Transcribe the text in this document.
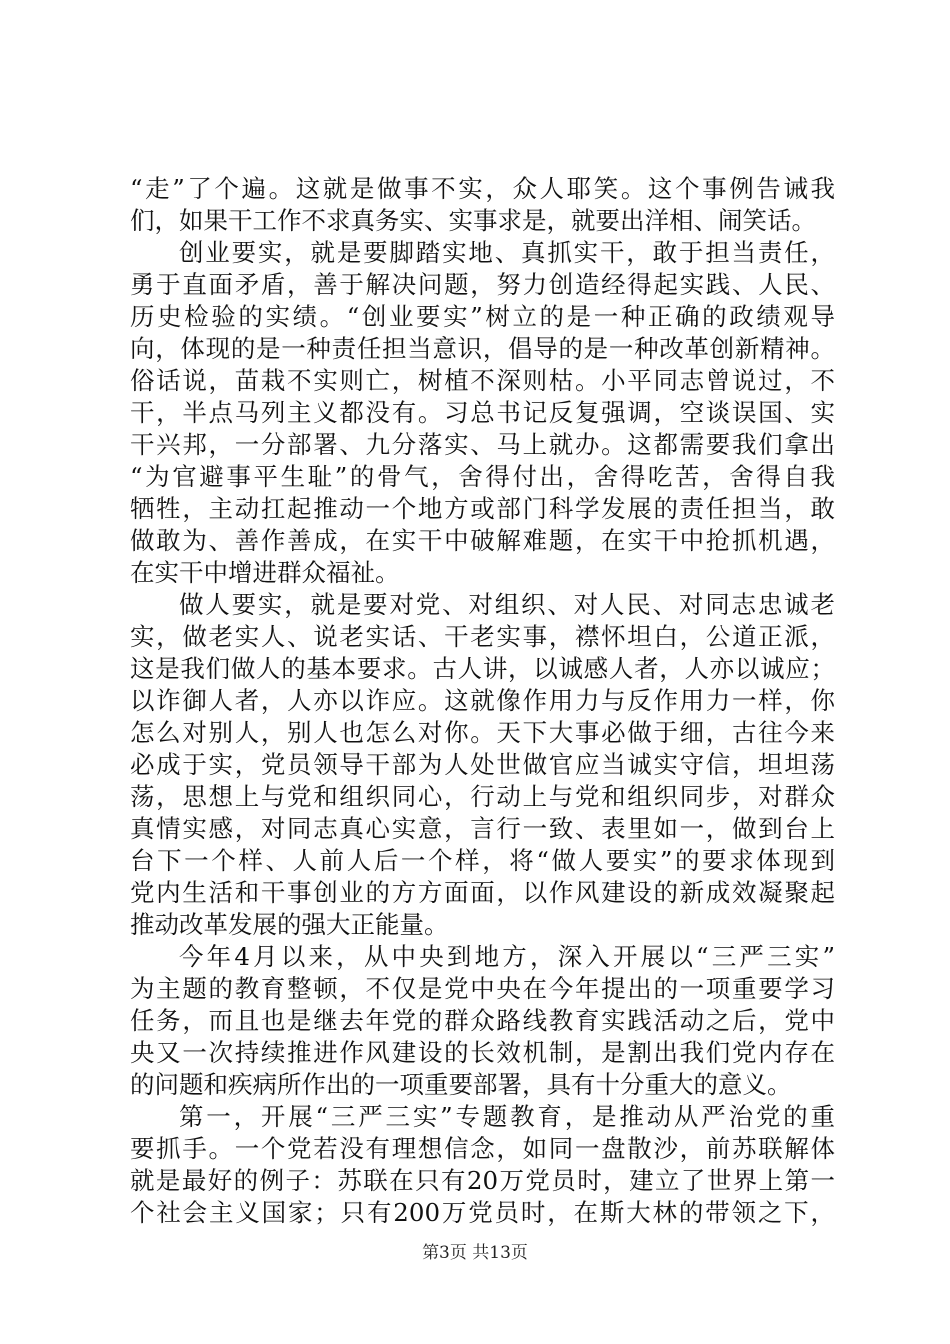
“走”了个遍。这就是做事不实，众人耶笑。这个事例告诫我
们，如果干工作不求真务实、实事求是，就要出洋相、闹笑话。
创业要实，就是要脚踏实地、真抓实干，敢于担当责任，
勇于直面矛盾，善于解决问题，努力创造经得起实践、人民、
历史检验的实绩。“创业要实”树立的是一种正确的政绩观导
向，体现的是一种责任担当意识，倡导的是一种改革创新精神。
俗话说，苗栽不实则亡，树植不深则枯。小平同志曾说过，不
干，半点马列主义都没有。习总书记反复强调，空谈误国、实
干兴邦，一分部署、九分落实、马上就办。这都需要我们拿出
“为官避事平生耻”的骨气，舍得付出，舍得吃苦，舍得自我
牺牲，主动扛起推动一个地方或部门科学发展的责任担当，敢
做敢为、善作善成，在实干中破解难题，在实干中抢抓机遇，
在实干中增进群众福祉。
做人要实，就是要对党、对组织、对人民、对同志忠诚老
实，做老实人、说老实话、干老实事，襟怀坦白，公道正派，
这是我们做人的基本要求。古人讲，以诚感人者，人亦以诚应；
以诈御人者，人亦以诈应。这就像作用力与反作用力一样，你
怎么对别人，别人也怎么对你。天下大事必做于细，古往今来
必成于实，党员领导干部为人处世做官应当诚实守信，坦坦荡
荡，思想上与党和组织同心，行动上与党和组织同步，对群众
真情实感，对同志真心实意，言行一致、表里如一，做到台上
台下一个样、人前人后一个样，将“做人要实”的要求体现到
党内生活和干事创业的方方面面，以作风建设的新成效凝聚起
推动改革发展的强大正能量。
今年4月以来，从中央到地方，深入开展以“三严三实”
为主题的教育整顿，不仅是党中央在今年提出的一项重要学习
任务，而且也是继去年党的群众路线教育实践活动之后，党中
央又一次持续推进作风建设的长效机制，是割出我们党内存在
的问题和疾病所作出的一项重要部署，具有十分重大的意义。
第一，开展“三严三实”专题教育，是推动从严治党的重
要抓手。一个党若没有理想信念，如同一盘散沙，前苏联解体
就是最好的例子：苏联在只有20万党员时，建立了世界上第一
个社会主义国家；只有200万党员时，在斯大林的带领之下，
第3页 共13页
